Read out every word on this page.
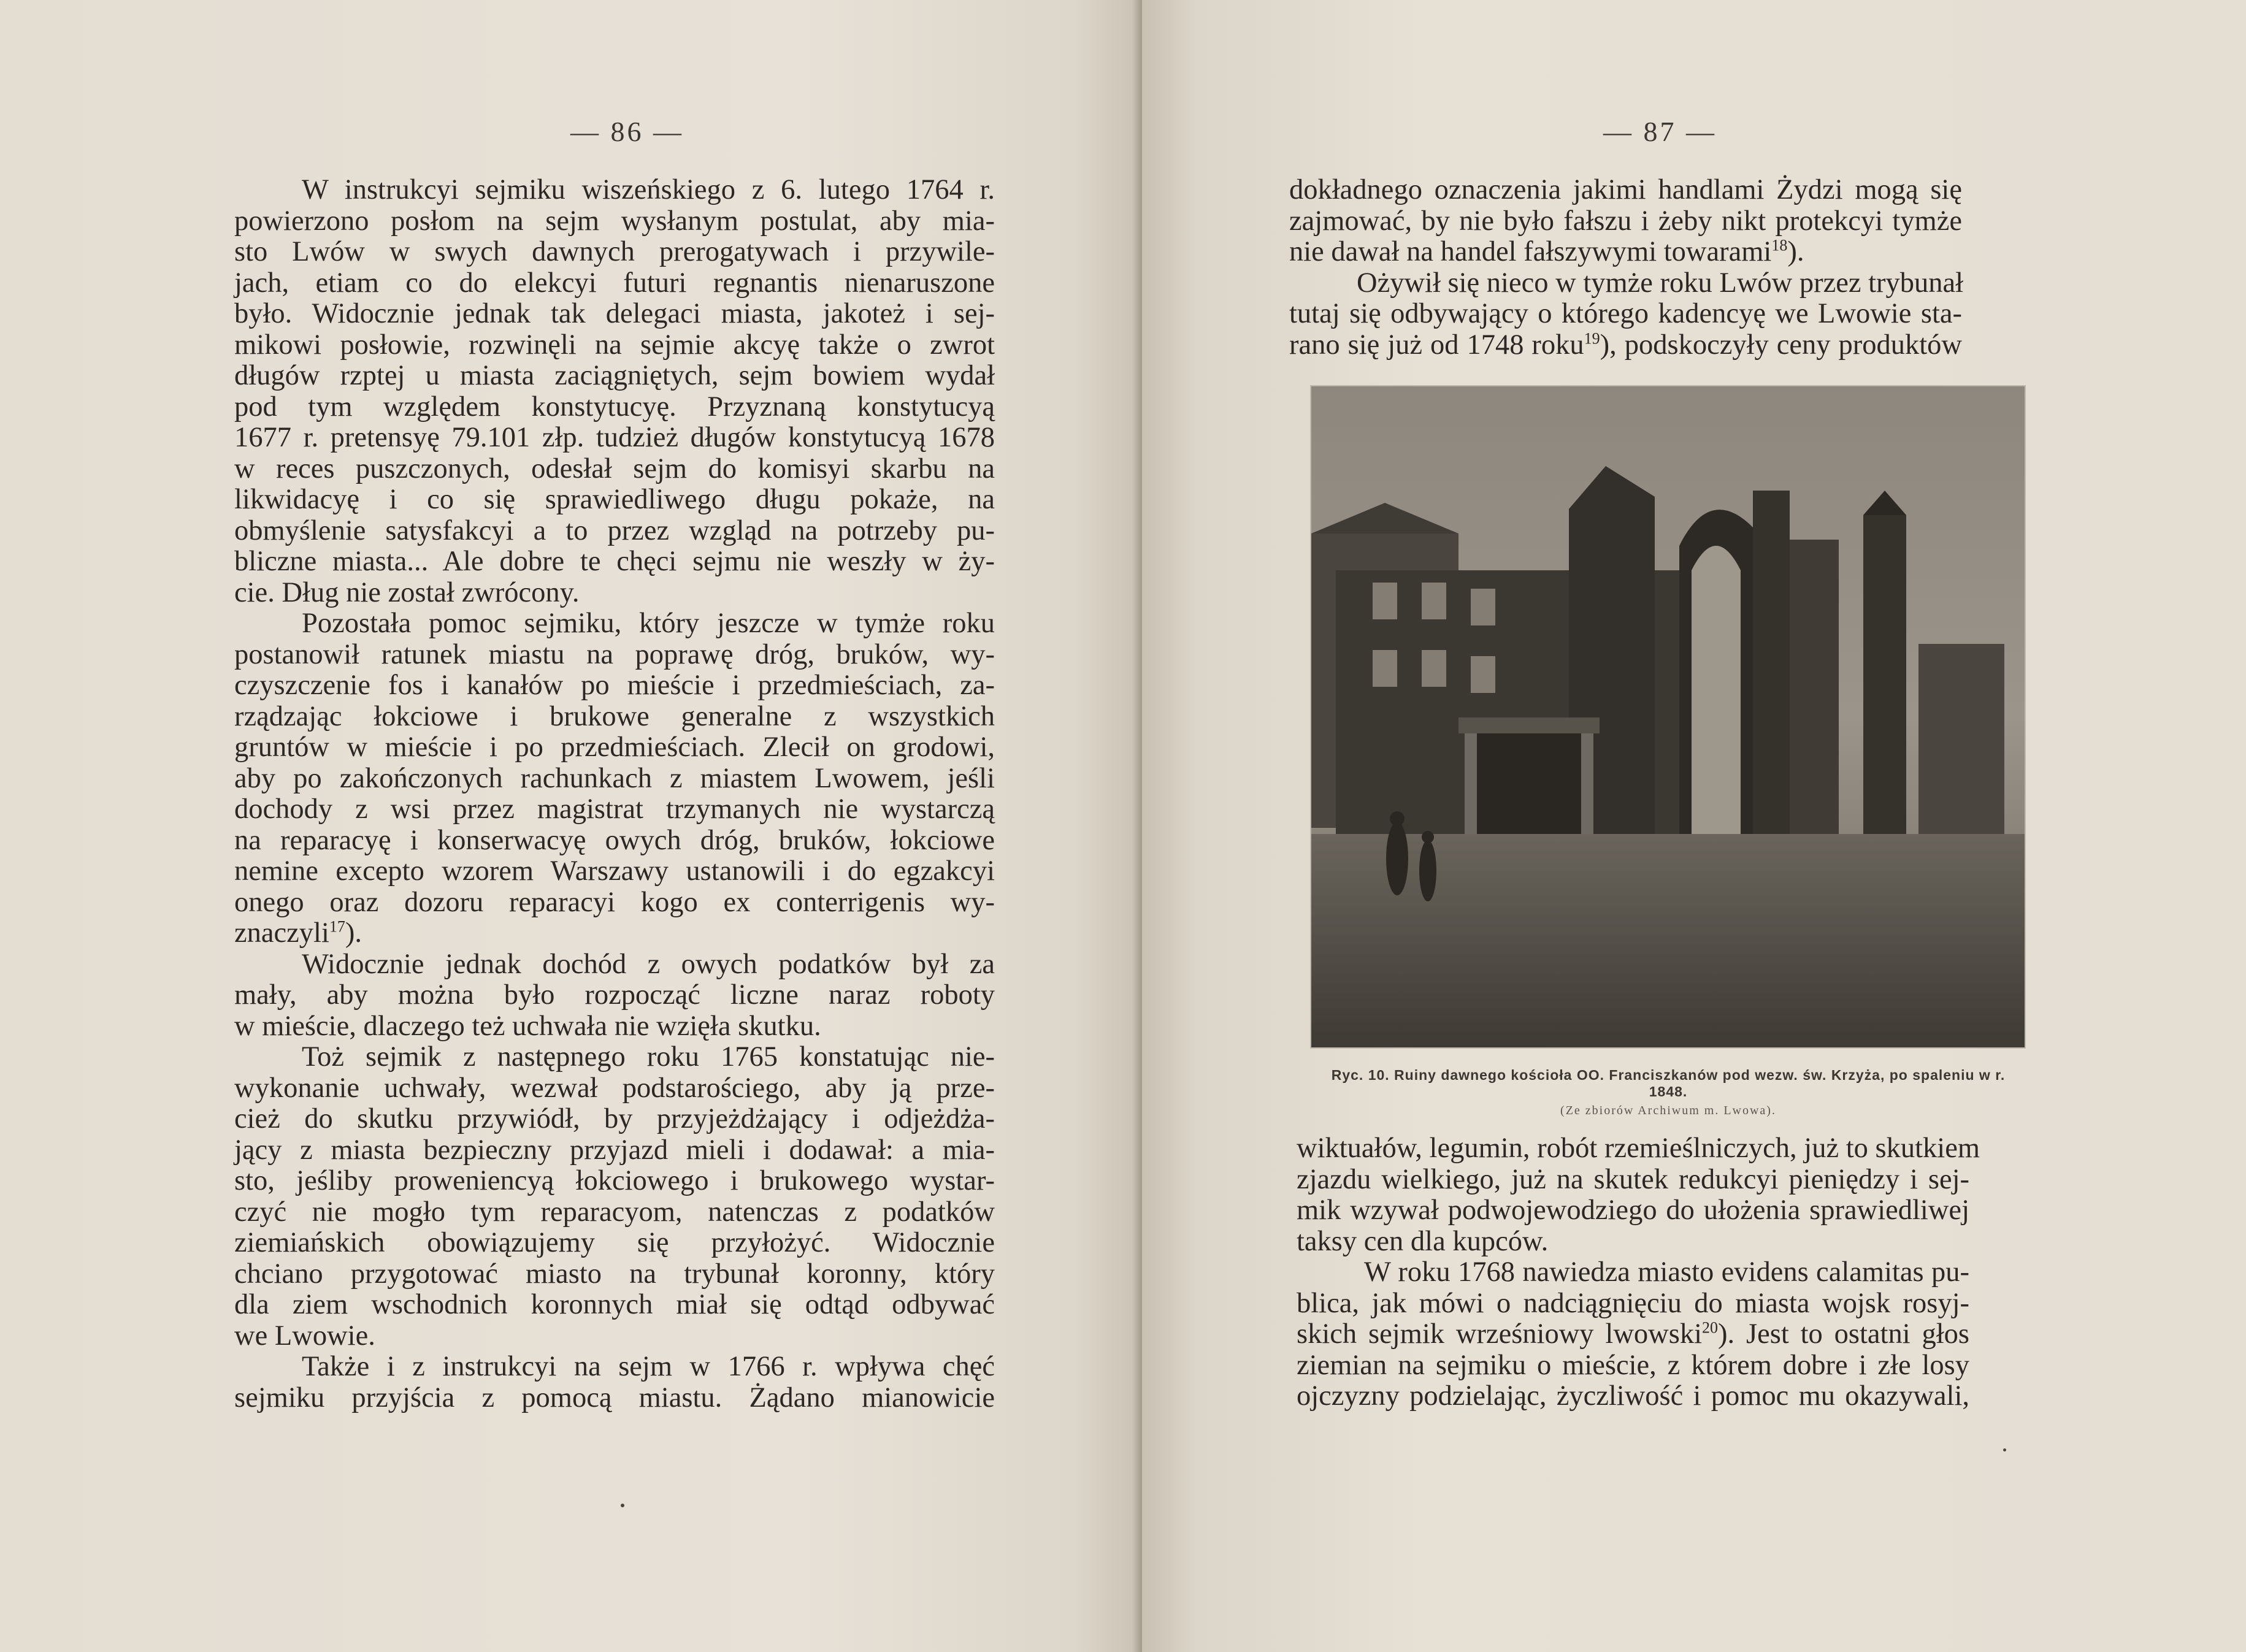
— 86 —
W instrukcyi sejmiku wiszeńskiego z 6. lutego 1764 r.
powierzono posłom na sejm wysłanym postulat, aby mia-
sto Lwów w swych dawnych prerogatywach i przywile-
jach, etiam co do elekcyi futuri regnantis nienaruszone
było. Widocznie jednak tak delegaci miasta, jakoteż i sej-
mikowi posłowie, rozwinęli na sejmie akcyę także o zwrot
długów rzptej u miasta zaciągniętych, sejm bowiem wydał
pod tym względem konstytucyę. Przyznaną konstytucyą
1677 r. pretensyę 79.101 złp. tudzież długów konstytucyą 1678
w reces puszczonych, odesłał sejm do komisyi skarbu na
likwidacyę i co się sprawiedliwego długu pokaże, na
obmyślenie satysfakcyi a to przez wzgląd na potrzeby pu-
bliczne miasta... Ale dobre te chęci sejmu nie weszły w ży-
cie. Dług nie został zwrócony.
Pozostała pomoc sejmiku, który jeszcze w tymże roku
postanowił ratunek miastu na poprawę dróg, bruków, wy-
czyszczenie fos i kanałów po mieście i przedmieściach, za-
rządzając łokciowe i brukowe generalne z wszystkich
gruntów w mieście i po przedmieściach. Zlecił on grodowi,
aby po zakończonych rachunkach z miastem Lwowem, jeśli
dochody z wsi przez magistrat trzymanych nie wystarczą
na reparacyę i konserwacyę owych dróg, bruków, łokciowe
nemine excepto wzorem Warszawy ustanowili i do egzakcyi
onego oraz dozoru reparacyi kogo ex conterrigenis wy-
znaczyli$^{17}$).
Widocznie jednak dochód z owych podatków był za
mały, aby można było rozpocząć liczne naraz roboty
w mieście, dlaczego też uchwała nie wzięła skutku.
Toż sejmik z następnego roku 1765 konstatując nie-
wykonanie uchwały, wezwał podstarościego, aby ją prze-
cież do skutku przywiódł, by przyjeżdżający i odjeżdża-
jący z miasta bezpieczny przyjazd mieli i dodawał: a mia-
sto, jeśliby proweniencyą łokciowego i brukowego wystar-
czyć nie mogło tym reparacyom, natenczas z podatków
ziemiańskich obowiązujemy się przyłożyć. Widocznie
chciano przygotować miasto na trybunał koronny, który
dla ziem wschodnich koronnych miał się odtąd odbywać
we Lwowie.
Także i z instrukcyi na sejm w 1766 r. wpływa chęć
sejmiku przyjścia z pomocą miastu. Żądano mianowicie
— 87 —
dokładnego oznaczenia jakimi handlami Żydzi mogą się
zajmować, by nie było fałszu i żeby nikt protekcyi tymże
nie dawał na handel fałszywymi towarami$^{18}$).
Ożywił się nieco w tymże roku Lwów przez trybunał
tutaj się odbywający o którego kadencyę we Lwowie sta-
rano się już od 1748 roku$^{19}$), podskoczyły ceny produktów
wiktuałów, legumin, robót rzemieślniczych, już to skutkiem
zjazdu wielkiego, już na skutek redukcyi pieniędzy i sej-
mik wzywał podwojewodziego do ułożenia sprawiedliwej
taksy cen dla kupców.
W roku 1768 nawiedza miasto evidens calamitas pu-
blica, jak mówi o nadciągnięciu do miasta wojsk rosyj-
skich sejmik wrześniowy lwowski$^{20}$). Jest to ostatni głos
ziemian na sejmiku o mieście, z którem dobre i złe losy
ojczyzny podzielając, życzliwość i pomoc mu okazywali,
Ryc. 10. Ruiny dawnego kościoła OO. Franciszkanów pod wezw. św. Krzyża, po spaleniu w r. 1848.
(Ze zbiorów Archiwum m. Lwowa).
